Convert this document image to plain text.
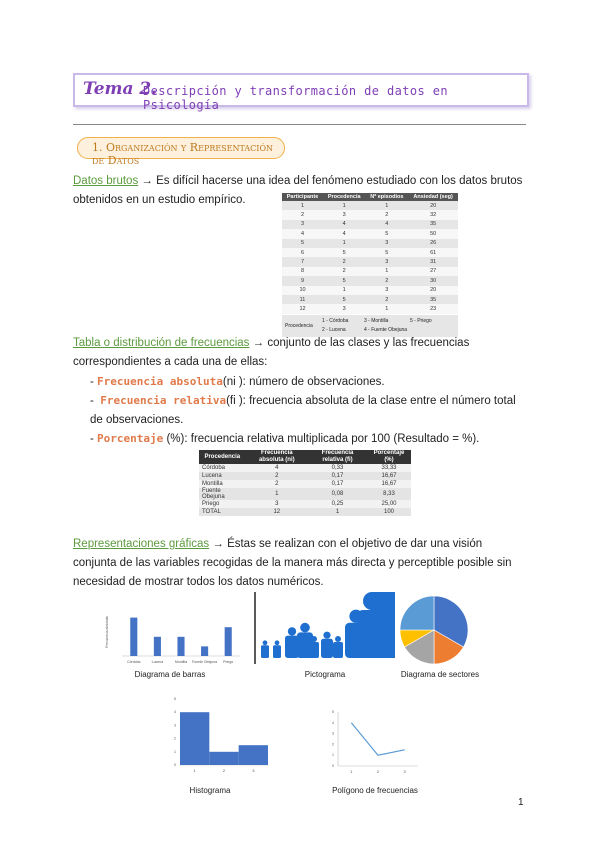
Tema 2.
Descripción y transformación de datos en Psicología
1. Organización y Representación de Datos
Datos brutos → Es difícil hacerse una idea del fenómeno estudiado con los datos brutos obtenidos en un estudio empírico.	Participante	Procedencia	Nº episodios	Ansiedad (seg)
1	1	1	20
2	3	2	32
3	4	4	35
4	4	5	50
5	1	3	26
6	5	5	61
7	2	3	31
8	2	1	27
9	5	2	30
10	1	3	20
11	5	2	35
12	3	1	23
Procedencia
1 - Córdoba
2 - Lucena
3 - Montilla
4 - Fuente Obejuna
5 - Priego
Tabla o distribución de frecuencias → conjunto de las clases y las frecuencias correspondientes a cada una de ellas:
- Frecuencia absoluta(ni ): número de observaciones.
-  Frecuencia relativa(fi ): frecuencia absoluta de la clase entre el número total de observaciones.
- Porcentaje (%): frecuencia relativa multiplicada por 100 (Resultado = %).
Procedencia	Frecuencia absoluta (ni)	Frecuencia relativa (fi)	Porcentaje (%)
Córdoba	4	0,33	33,33
Lucena	2	0,17	16,67
Montilla	2	0,17	16,67
Fuente Obejuna	1	0,08	8,33
Priego	3	0,25	25,00
TOTAL	12	1	100
Representaciones gráficas → Éstas se realizan con el objetivo de dar una visión conjunta de las variables recogidas de la manera más directa y perceptible posible sin necesidad de mostrar todos los datos numéricos.
Córdoba	Lucena	Montilla Fuente Obejuna Priego
Frecuencia absoluta
Diagrama de barras	Pictograma	Diagrama de sectores
1	2	3
0
1
2
3
4
5
Histograma
1	2	3
0
1
2
3
4
5
Polígono de frecuencias
1
